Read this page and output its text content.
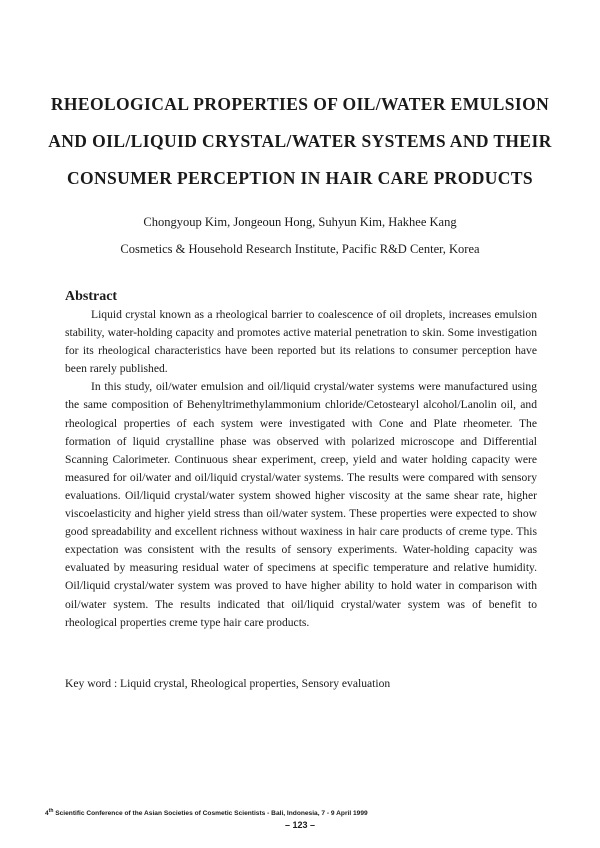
RHEOLOGICAL PROPERTIES OF OIL/WATER EMULSION
AND OIL/LIQUID CRYSTAL/WATER SYSTEMS AND THEIR
CONSUMER PERCEPTION IN HAIR CARE PRODUCTS
Chongyoup Kim, Jongeoun Hong, Suhyun Kim, Hakhee Kang
Cosmetics & Household Research Institute, Pacific R&D Center, Korea
Abstract

Liquid crystal known as a rheological barrier to coalescence of oil droplets, increases emulsion stability, water-holding capacity and promotes active material penetration to skin. Some investigation for its rheological characteristics have been reported but its relations to consumer perception have been rarely published.

In this study, oil/water emulsion and oil/liquid crystal/water systems were manufactured using the same composition of Behenyltrimethylammonium chloride/Cetostearyl alcohol/Lanolin oil, and rheological properties of each system were investigated with Cone and Plate rheometer. The formation of liquid crystalline phase was observed with polarized microscope and Differential Scanning Calorimeter. Continuous shear experiment, creep, yield and water holding capacity were measured for oil/water and oil/liquid crystal/water systems. The results were compared with sensory evaluations. Oil/liquid crystal/water system showed higher viscosity at the same shear rate, higher viscoelasticity and higher yield stress than oil/water system. These properties were expected to show good spreadability and excellent richness without waxiness in hair care products of creme type. This expectation was consistent with the results of sensory experiments. Water-holding capacity was evaluated by measuring residual water of specimens at specific temperature and relative humidity. Oil/liquid crystal/water system was proved to have higher ability to hold water in comparison with oil/water system. The results indicated that oil/liquid crystal/water system was of benefit to rheological properties creme type hair care products.

Key word : Liquid crystal, Rheological properties, Sensory evaluation
4th Scientific Conference of the Asian Societies of Cosmetic Scientists - Bali, Indonesia, 7 - 9 April 1999
– 123 –
